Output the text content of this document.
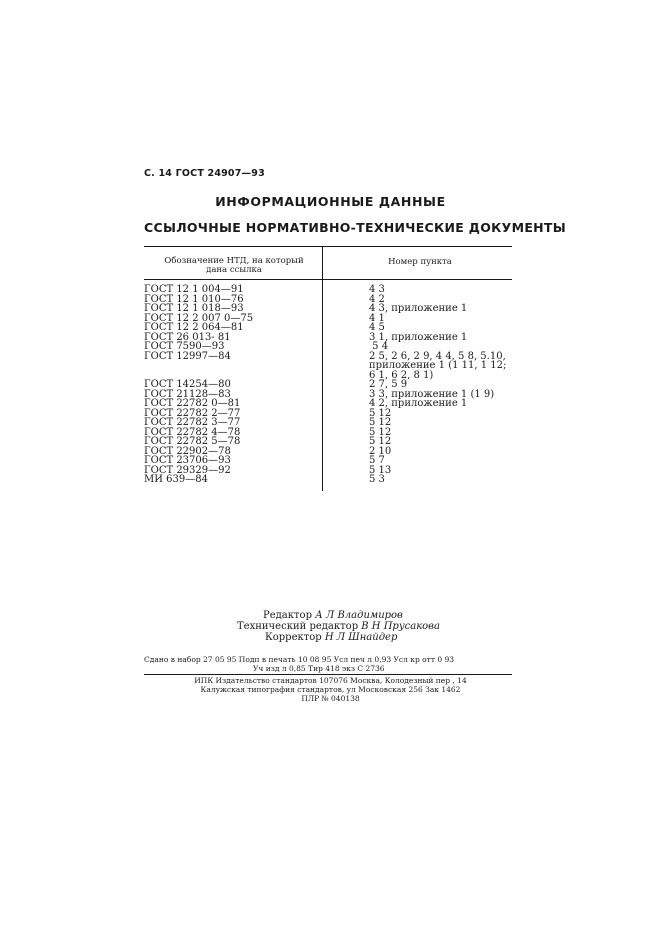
С. 14 ГОСТ 24907—93
ИНФОРМАЦИОННЫЕ ДАННЫЕ
ССЫЛОЧНЫЕ НОРМАТИВНО-ТЕХНИЧЕСКИЕ ДОКУМЕНТЫ
Обозначение НТД, на который
дана ссылка
Номер пункта
ГОСТ 12 1 004—91	4 3
ГОСТ 12 1 010—76	4 2
ГОСТ 12 1 018—93	4 3, приложение 1
ГОСТ 12 2 007 0—75	4 1
ГОСТ 12 2 064—81	4 5
ГОСТ 26 013- 81	3 1, приложение 1
ГОСТ 7590—93	5 4
ГОСТ 12997—84	2 5, 2 6, 2 9, 4 4, 5 8, 5.10,
приложение 1 (1 11, 1 12;
6 1, 6 2, 8 1)
ГОСТ 14254—80	2 7, 5 9
ГОСТ 21128—83	3 3, приложение 1 (1 9)
ГОСТ 22782 0—81	4 2, приложение 1
ГОСТ 22782 2—77	5 12
ГОСТ 22782 3—77	5 12
ГОСТ 22782 4—78	5 12
ГОСТ 22782 5—78	5 12
ГОСТ 22902—78	2 10
ГОСТ 23706—93	5 7
ГОСТ 29329—92	5 13
МИ 639—84	5 3
Редактор А Л Владимиров
Технический редактор В Н Прусакова
Корректор Н Л Шнайдер
Сдано в набор 27 05 95 Подп в печать 10 08 95 Усл печ л 0,93 Усл кр отт 0 93
Уч изд л 0,85 Тир 418 экз С 2736
ИПК Издательство стандартов 107076 Москва, Колодезный пер , 14
Калужская типография стандартов, ул Московская 256 Зак 1462
ПЛР № 040138
